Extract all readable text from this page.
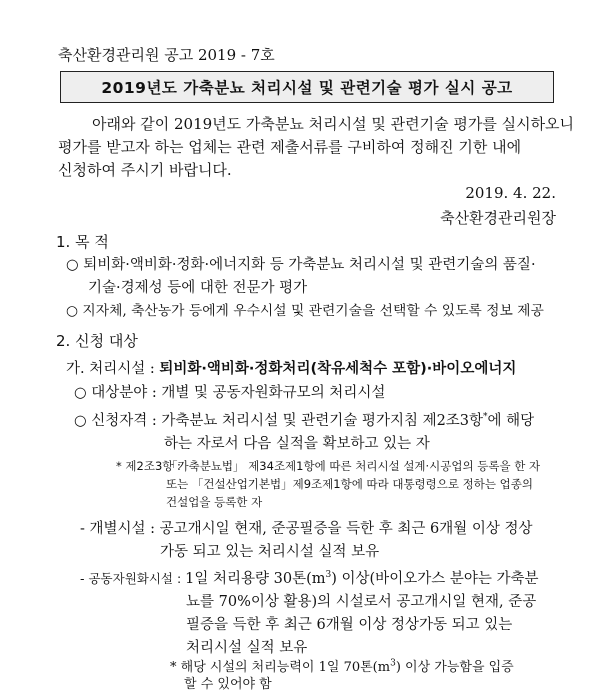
축산환경관리원 공고 2019 - 7호
2019년도 가축분뇨 처리시설 및 관련기술 평가 실시 공고
아래와 같이 2019년도 가축분뇨 처리시설 및 관련기술 평가를 실시하오니
평가를 받고자 하는 업체는 관련 제출서류를 구비하여 정해진 기한 내에
신청하여 주시기 바랍니다.
2019. 4. 22.
축산환경관리원장
1. 목 적
○ 퇴비화·액비화·정화·에너지화 등 가축분뇨 처리시설 및 관련기술의 품질·
기술·경제성 등에 대한 전문가 평가
○ 지자체, 축산농가 등에게 우수시설 및 관련기술을 선택할 수 있도록 정보 제공
2. 신청 대상
가. 처리시설 : 퇴비화·액비화·정화처리(착유세척수 포함)·바이오에너지
○ 대상분야 : 개별 및 공동자원화규모의 처리시설
○ 신청자격 : 가축분뇨 처리시설 및 관련기술 평가지침 제2조3항*에 해당
하는 자로서 다음 실적을 확보하고 있는 자
* 제2조3항 :
「가축분뇨법」 제34조제1항에 따른 처리시설 설계·시공업의 등록을 한 자
또는 「건설산업기본법」제9조제1항에 따라 대통령령으로 정하는 업종의
건설업을 등록한 자
- 개별시설 : 공고개시일 현재, 준공필증을 득한 후 최근 6개월 이상 정상
가동 되고 있는 처리시설 실적 보유
- 공동자원화시설 : 1일 처리용량 30톤$(m^3)$ 이상(바이오가스 분야는 가축분
뇨를 70%이상 활용)의 시설로서 공고개시일 현재, 준공
필증을 득한 후 최근 6개월 이상 정상가동 되고 있는
처리시설 실적 보유
* 해당 시설의 처리능력이 1일 70톤$(m^3)$ 이상 가능함을 입증
할 수 있어야 함
